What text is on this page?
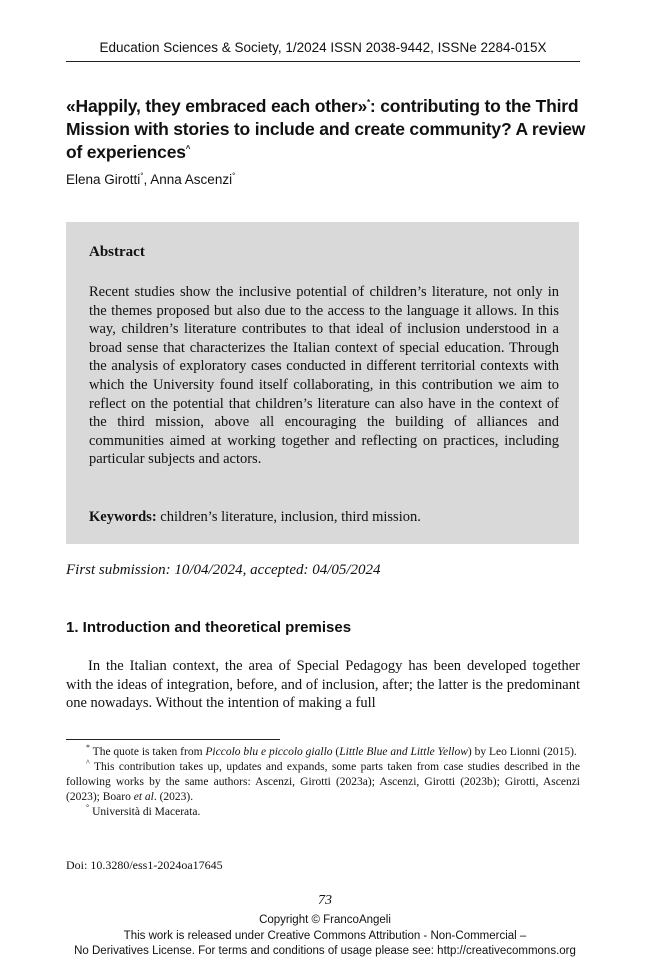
Education Sciences & Society, 1/2024 ISSN 2038-9442, ISSNe 2284-015X
«Happily, they embraced each other»*: contributing to the Third Mission with stories to include and create community? A review of experiences^
Elena Girotti°, Anna Ascenzi°
Abstract
Recent studies show the inclusive potential of children’s literature, not only in the themes proposed but also due to the access to the language it allows. In this way, children’s literature contributes to that ideal of inclusion understood in a broad sense that characterizes the Italian context of special education. Through the analysis of exploratory cases conducted in different territorial contexts with which the University found itself collaborating, in this contribution we aim to reflect on the potential that children’s literature can also have in the context of the third mission, above all encouraging the building of alliances and communities aimed at working together and reflecting on practices, including particular subjects and actors.
Keywords: children’s literature, inclusion, third mission.
First submission: 10/04/2024, accepted: 04/05/2024
1. Introduction and theoretical premises
In the Italian context, the area of Special Pedagogy has been developed together with the ideas of integration, before, and of inclusion, after; the latter is the predominant one nowadays. Without the intention of making a full

* The quote is taken from Piccolo blu e piccolo giallo (Little Blue and Little Yellow) by Leo Lionni (2015).

^ This contribution takes up, updates and expands, some parts taken from case studies described in the following works by the same authors: Ascenzi, Girotti (2023a); Ascenzi, Girotti (2023b); Girotti, Ascenzi (2023); Boaro et al. (2023).

° Università di Macerata.

Doi: 10.3280/ess1-2024oa17645
73
Copyright © FrancoAngeli
This work is released under Creative Commons Attribution - Non-Commercial –
No Derivatives License. For terms and conditions of usage please see: http://creativecommons.org
